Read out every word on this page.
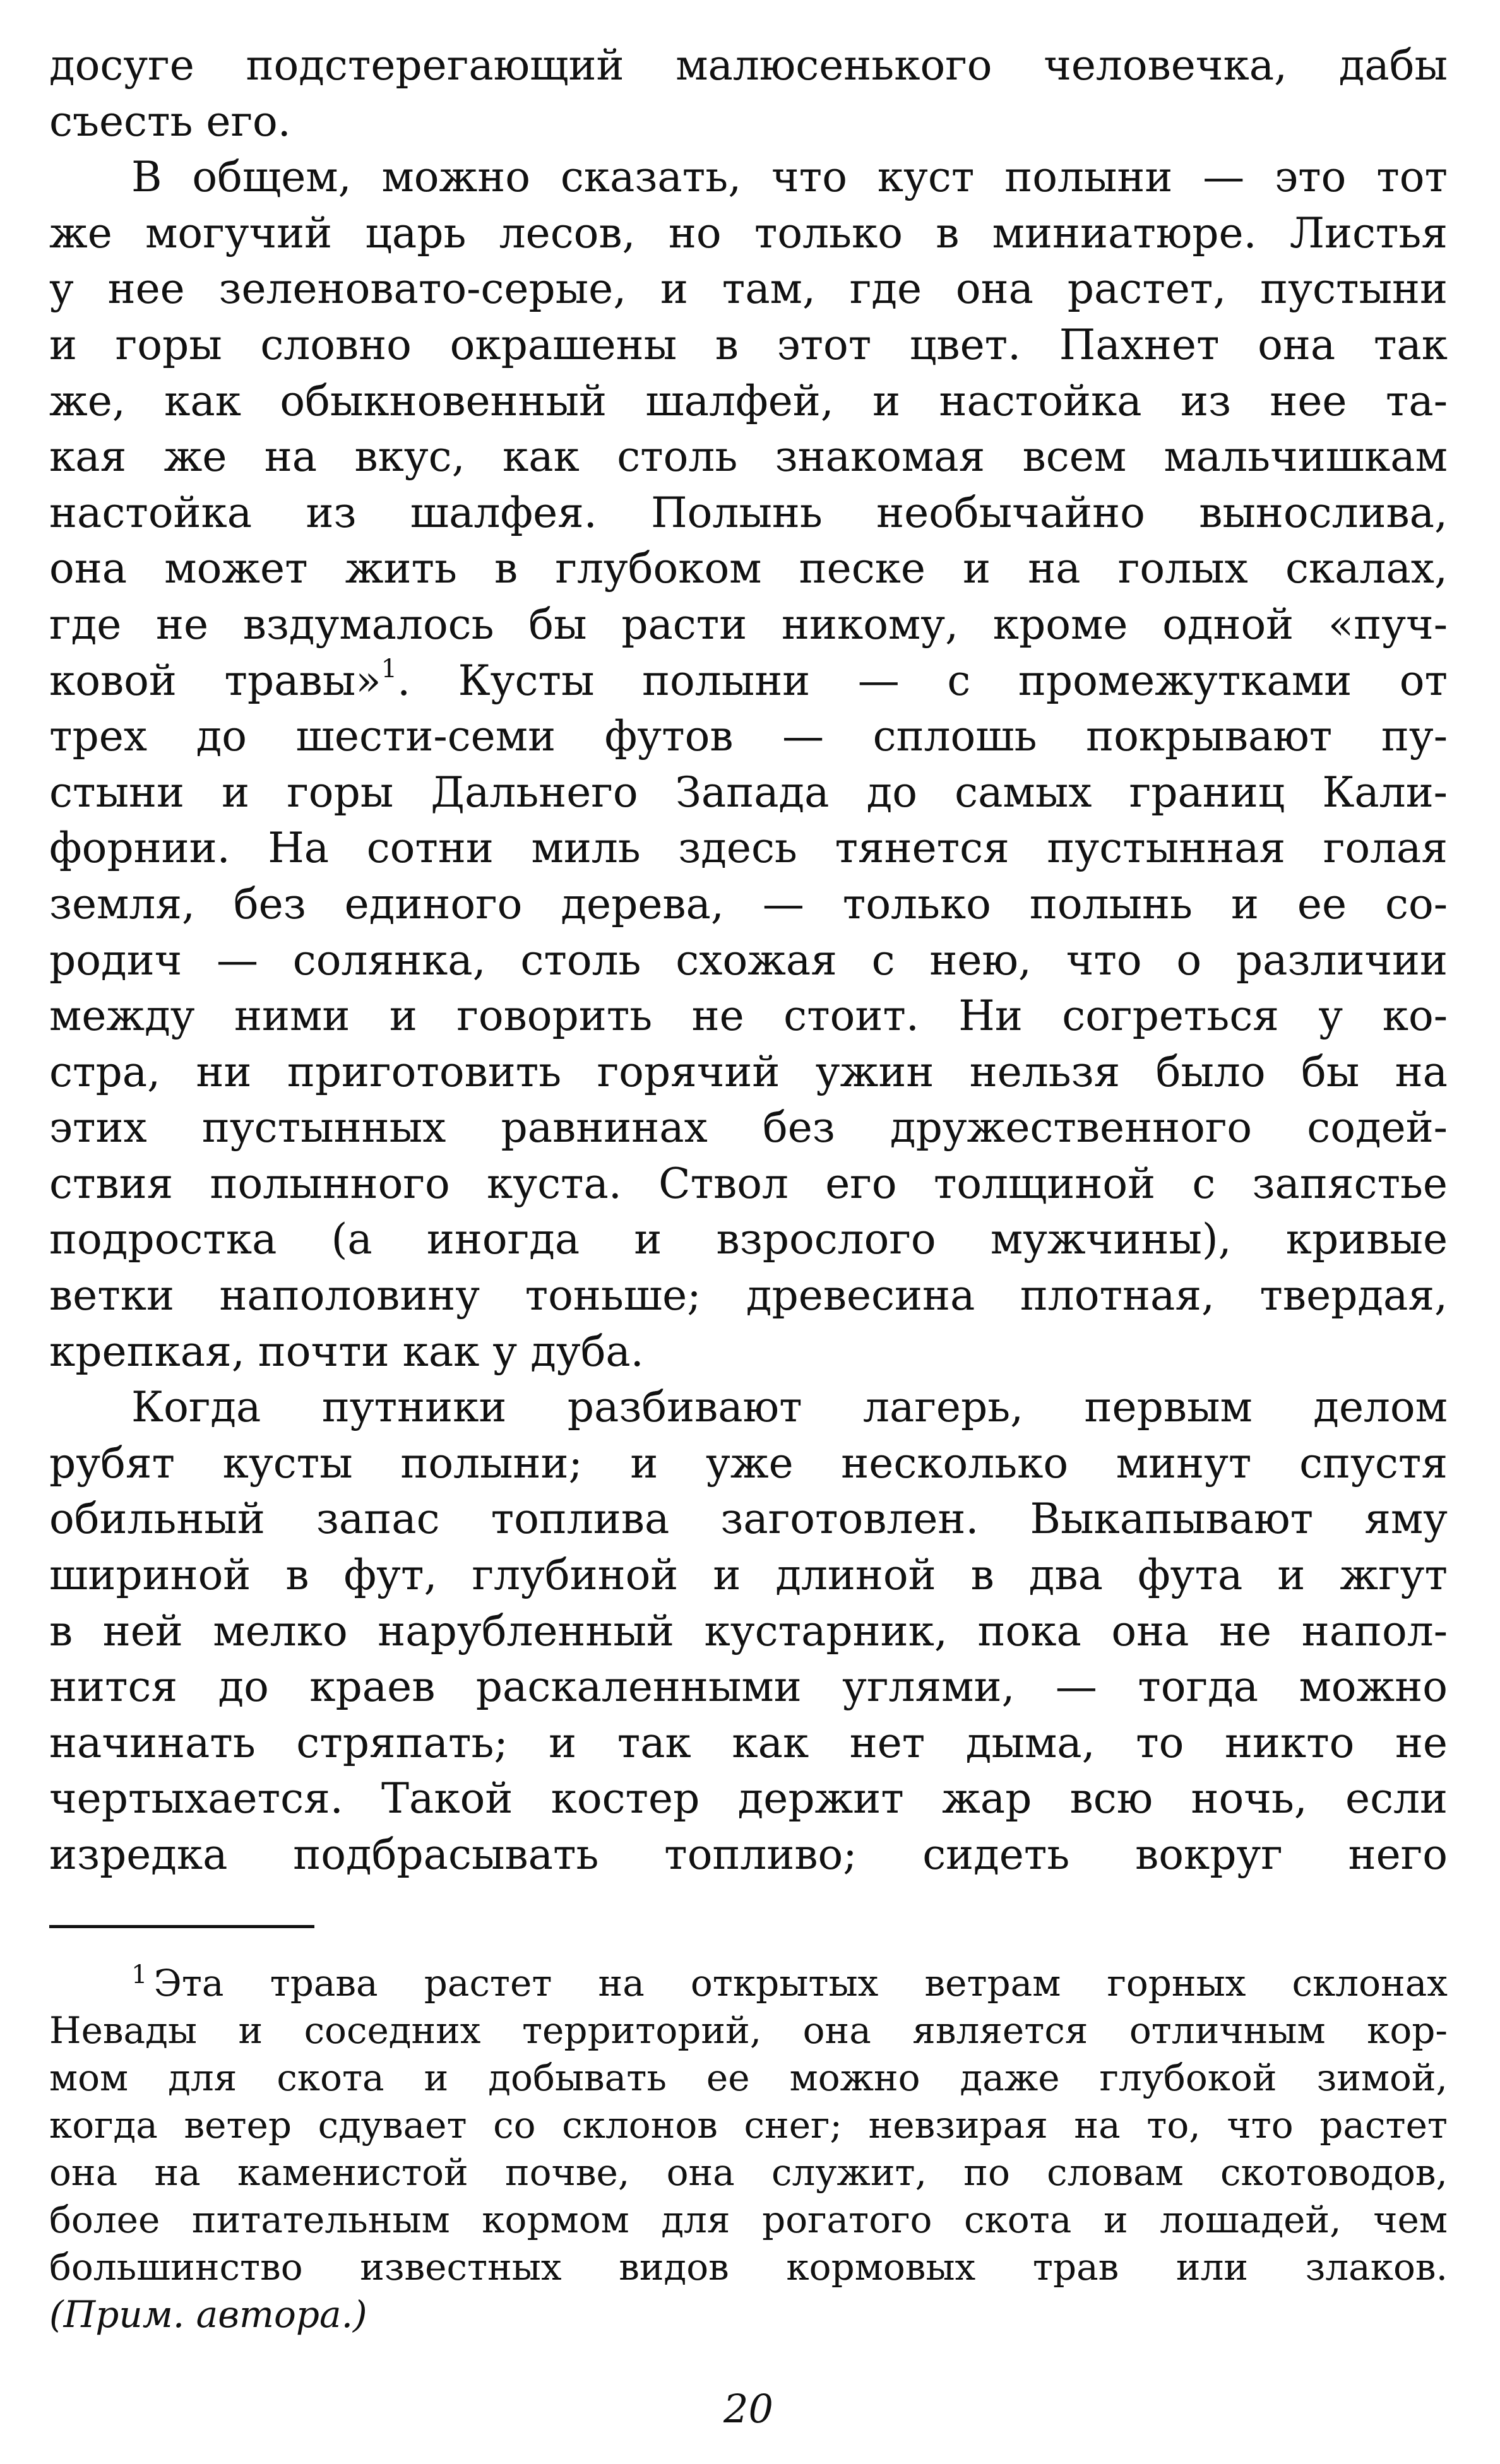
досуге подстерегающий малюсенького человечка, дабы
съесть его.
В общем, можно сказать, что куст полыни — это тот
же могучий царь лесов, но только в миниатюре. Листья
у нее зеленовато-серые, и там, где она растет, пустыни
и горы словно окрашены в этот цвет. Пахнет она так
же, как обыкновенный шалфей, и настойка из нее та-
кая же на вкус, как столь знакомая всем мальчишкам
настойка из шалфея. Полынь необычайно вынослива,
она может жить в глубоком песке и на голых скалах,
где не вздумалось бы расти никому, кроме одной «пуч-
ковой травы»$^1$. Кусты полыни — с промежутками от
трех до шести-семи футов — сплошь покрывают пу-
стыни и горы Дальнего Запада до самых границ Кали-
форнии. На сотни миль здесь тянется пустынная голая
земля, без единого дерева, — только полынь и ее со-
родич — солянка, столь схожая с нею, что о различии
между ними и говорить не стоит. Ни согреться у ко-
стра, ни приготовить горячий ужин нельзя было бы на
этих пустынных равнинах без дружественного содей-
ствия полынного куста. Ствол его толщиной с запястье
подростка (а иногда и взрослого мужчины), кривые
ветки наполовину тоньше; древесина плотная, твердая,
крепкая, почти как у дуба.
Когда путники разбивают лагерь, первым делом
рубят кусты полыни; и уже несколько минут спустя
обильный запас топлива заготовлен. Выкапывают яму
шириной в фут, глубиной и длиной в два фута и жгут
в ней мелко нарубленный кустарник, пока она не напол-
нится до краев раскаленными углями, — тогда можно
начинать стряпать; и так как нет дыма, то никто не
чертыхается. Такой костер держит жар всю ночь, если
изредка подбрасывать топливо; сидеть вокруг него
$^1$ Эта трава растет на открытых ветрам горных склонах
Невады и соседних территорий, она является отличным кор-
мом для скота и добывать ее можно даже глубокой зимой,
когда ветер сдувает со склонов снег; невзирая на то, что растет
она на каменистой почве, она служит, по словам скотоводов,
более питательным кормом для рогатого скота и лошадей, чем
большинство известных видов кормовых трав или злаков.
(Прим. автора.)
20
